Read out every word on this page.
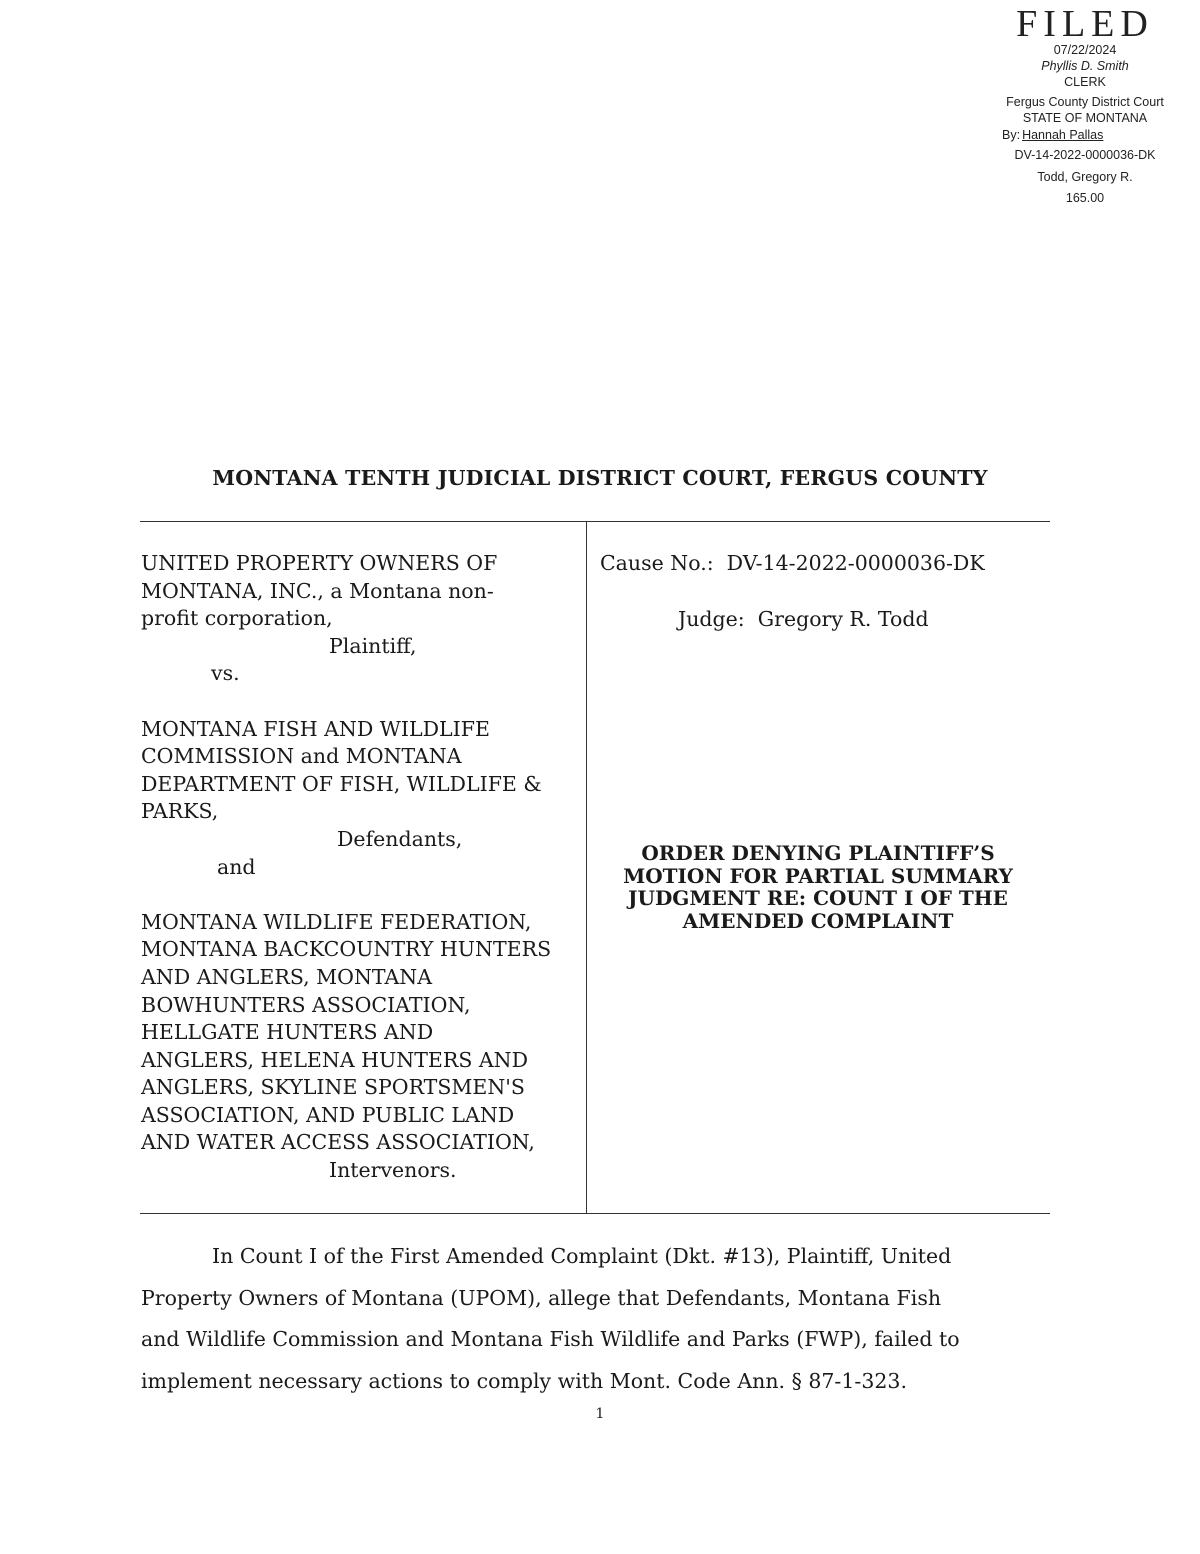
FILED
07/22/2024
Phyllis D. Smith
CLERK
Fergus County District Court
STATE OF MONTANA
By: Hannah Pallas
DV-14-2022-0000036-DK
Todd, Gregory R.
165.00
MONTANA TENTH JUDICIAL DISTRICT COURT, FERGUS COUNTY

UNITED PROPERTY OWNERS OF

MONTANA, INC., a Montana non-

profit corporation,

Plaintiff,

vs.

MONTANA FISH AND WILDLIFE

COMMISSION and MONTANA

DEPARTMENT OF FISH, WILDLIFE &

PARKS,

Defendants,

and

MONTANA WILDLIFE FEDERATION,

MONTANA BACKCOUNTRY HUNTERS

AND ANGLERS, MONTANA

BOWHUNTERS ASSOCIATION,

HELLGATE HUNTERS AND

ANGLERS, HELENA HUNTERS AND

ANGLERS, SKYLINE SPORTSMEN'S

ASSOCIATION, AND PUBLIC LAND

AND WATER ACCESS ASSOCIATION,

Intervenors.

Cause No.: DV-14-2022-0000036-DK
Judge: Gregory R. Todd
ORDER DENYING PLAINTIFF’S
MOTION FOR PARTIAL SUMMARY
JUDGMENT RE: COUNT I OF THE
AMENDED COMPLAINT
In Count I of the First Amended Complaint (Dkt. #13), Plaintiff, United
Property Owners of Montana (UPOM), allege that Defendants, Montana Fish
and Wildlife Commission and Montana Fish Wildlife and Parks (FWP), failed to
implement necessary actions to comply with Mont. Code Ann. § 87-1-323.
1
